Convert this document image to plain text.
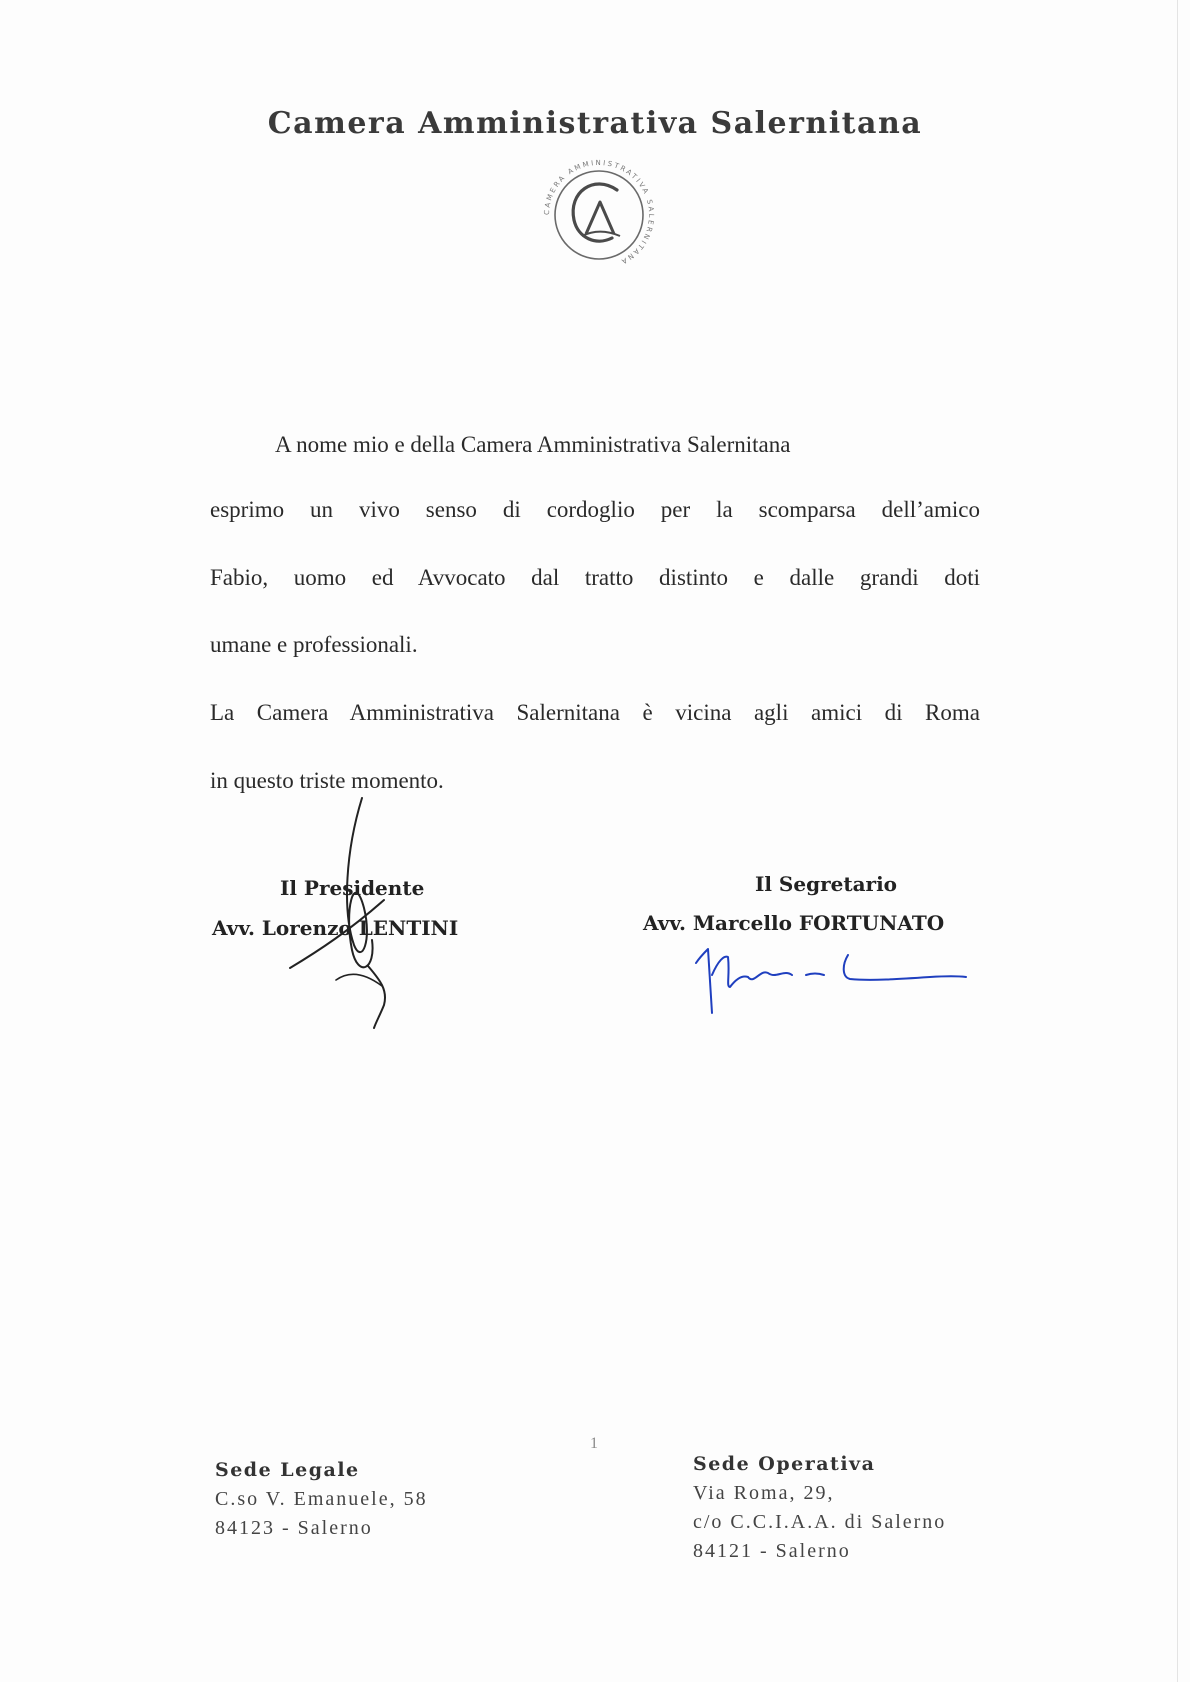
Camera Amministrativa Salernitana
CAMERA AMMINISTRATIVA SALERNITANA

A nome mio e della Camera Amministrativa Salernitana

esprimo un vivo senso di cordoglio per la scomparsa dell’amico

Fabio, uomo ed Avvocato dal tratto distinto e dalle grandi doti

umane e professionali.

La Camera Amministrativa Salernitana è vicina agli amici di Roma

in questo triste momento.

Il Presidente

Avv. Lorenzo LENTINI

Il Segretario

Avv. Marcello FORTUNATO

1

Sede Legale

C.so V. Emanuele, 58

84123 - Salerno

Sede Operativa

Via Roma, 29,

c/o C.C.I.A.A. di Salerno

84121 - Salerno
